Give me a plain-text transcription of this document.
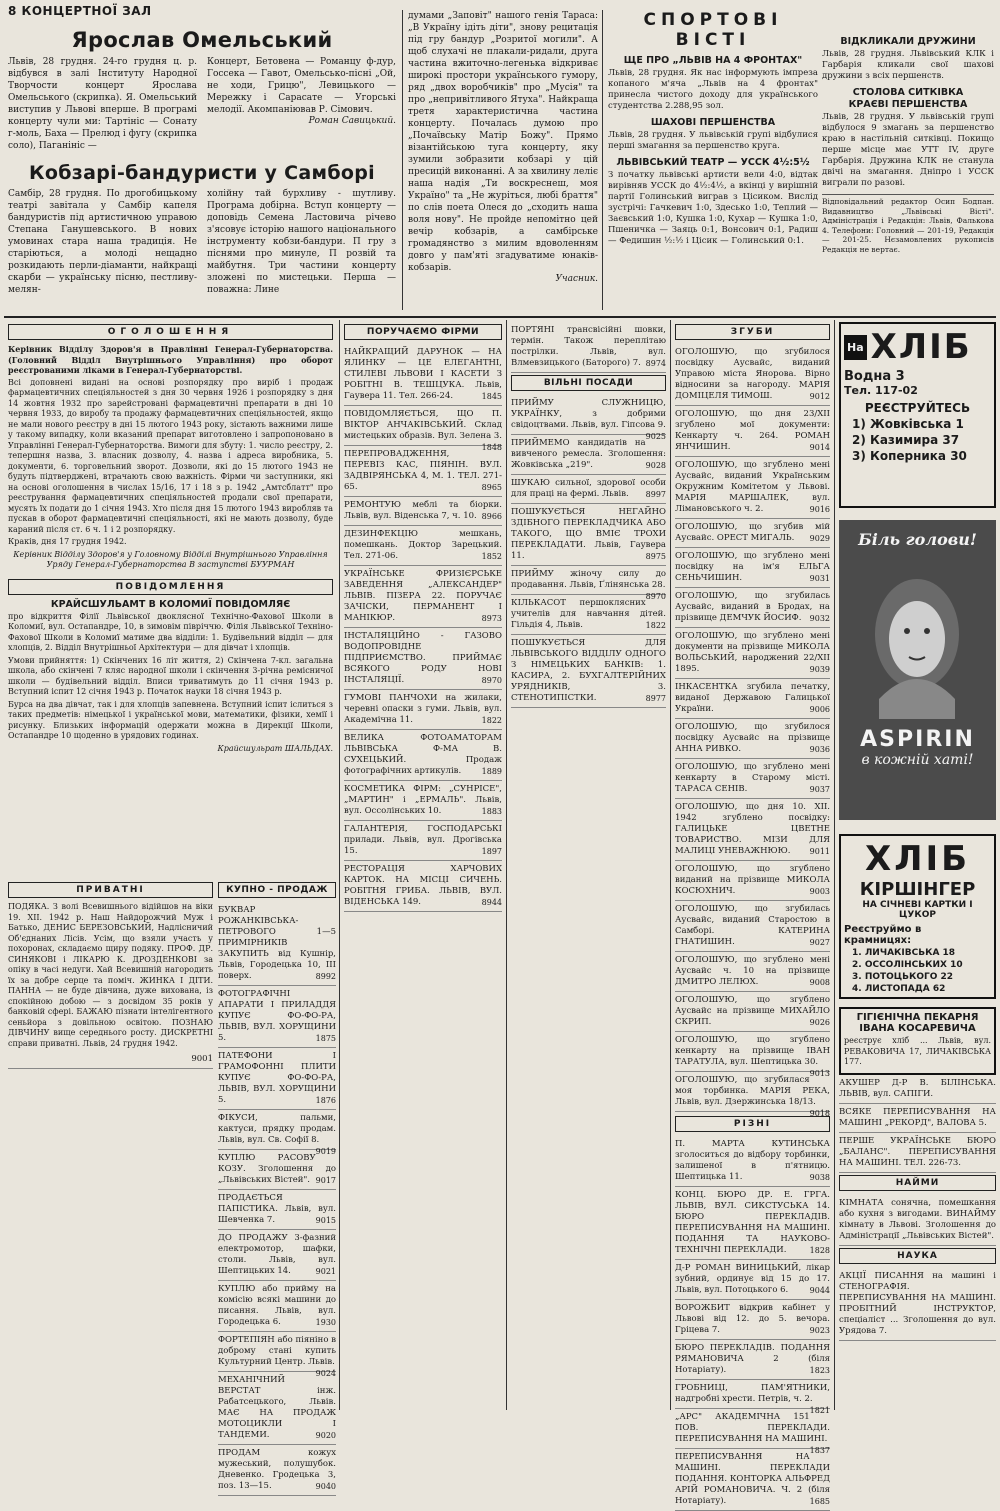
8 КОНЦЕРТНОЇ ЗАЛ
Ярослав Омельський

Львів, 28 грудня. 24-го грудня ц. р. відбувся в залі Інституту Народної Творчости концерт Ярослава Омельського (скрипка). Я. Омельський виступив у Львові вперше. В програмі концерту чули ми: Тартініс — Сонату г-моль, Баха — Прелюд і фугу (скрипка соло), Паганініс —

Концерт, Бетовена — Романцу ф-дур, Госсека — Гавот, Омельсько-пісні „Ой, не ходи, Грицю", Левицького — Мережку і Сарасате — Угорські мелодії. Акомпаніював Р. Сімович.

Роман Савицький.
Кобзарі-бандуристи у Самборі

Самбір, 28 грудня. По дрогобицькому театрі завітала у Самбір капеля бандуристів під артистичною управою Степана Ганушевського. В нових умовинах стара наша традиція. Не старіються, а молоді нещадно розкидають перли-діаманти, найкращі скарби — українську пісню, пестливу-мелян-

холійну тай бурхливу - шутливу. Програма добірна. Вступ концерту — доповідь Семена Ластовича річево з'ясовує історію нашого національного інструменту кобзи-бандури. П гру з піснями про минуле, П розвій та майбутня. Три частини концерту зложені по мистецьки. Перша — поважна: Лине

думами „Заповіт" нашого генія Тараса: „В Україну ідіть діти", знову рецитація під гру бандур „Розритої могили". А щоб слухачі не плакали-ридали, друга частина вжиточно-легенька відкриває широкі простори українського гумору, ряд „двох воробчиків" про „Мусія" та про „непривітливого Ятуха". Найкраща третя характеристична частина концерту. Почалась думою про „Почаївську Матір Божу". Прямо візантійською туга концерту, яку зумили зобразити кобзарі у цій пресицій виконанні. А за хвилину леліє наша надія „Ти воскреснеш, моя Україно" та „Не журіться, любі браття" по слів поета Олеся до „сходить наша воля нову". Не пройде непомітно цей вечір кобзарів, а самбірське громадянство з милим вдоволенням довго у пам'яті згадуватиме юнаків-кобзарів.

Учасник.
СПОРТОВІ ВІСТІ
ЩЕ ПРО „ЛЬВІВ НА 4 ФРОНТАХ"

Львів, 28 грудня. Як нас інформують імпреза копаного м'яча „Львів на 4 фронтах" принесла чистого доходу для українського студентства 2.288,95 зол.

ШАХОВІ ПЕРШЕНСТВА

Львів, 28 грудня. У львівській групі відбулися перші змагання за першенство круга.

ЛЬВІВСЬКИЙ ТЕАТР — УССК 4½:5½

З початку львівські артисти вели 4:0, відтак вирівняв УССК до 4½:4½, а вкінці у вирішній партії Голинський виграв з Цісиком. Вислід зустрічі: Гачкевич 1:0, Здесько 1:0, Теплий — Заєвський 1:0, Кушка 1:0, Кухар — Кушка 1:0, Пшеничка — Заяць 0:1, Вонсович 0:1, Радиш — Федишин ½:½ і Цісик — Голинський 0:1.

ВІДКЛИКАЛИ ДРУЖИНИ

Львів, 28 грудня. Львівський КЛК і Гарбарія кликали свої шахові дружини з всіх першенств.

СТОЛОВА СИТКІВКА
КРАЄВІ ПЕРШЕНСТВА

Львів, 28 грудня. У львівській групі відбулося 9 змагань за першенство краю в настільній ситківці. Покищо перше місце має УТТ IV, друге Гарбарія. Дружина КЛК не станула двічі на змагання. Дніпро і УССК виграли по разові.

Відповідальний редактор Осип Бодпан. Видавництво „Львівські Вісті". Адміністрація і Редакція: Львів, Фалькова 4. Телефони: Головний — 201-19, Редакція — 201-25. Нєзамовлених рукописів Редакція не вертає.

ОГОЛОШЕННЯ

Керівник Відділу Здоров'я в Правлінні Генерал-Губернаторства. (Головний Відділ Внутрішнього Управління) про оборот реєстрованими ліками в Генерал-Губернаторстві.

Всі доповнені видані на основі розпорядку про виріб і продаж фармацевтичних спеціяльностей з дня 30 червня 1926 і розпорядку з дня 14 жовтня 1932 про зарейстровані фармацевтичні препарати в дні 10 червня 1933, до виробу та продажу фармацевтичних спеціяльностей, якщо не мали нового реєстру в дні 15 лютого 1943 року, зістають важними лише у такому випадку, коли вказаний препарат виготовлено і запропоновано в Управлінні Генерал-Губернаторства. Вимоги для збуту: 1. число реєстру, 2. тепершня назва, 3. власник дозволу, 4. назва і адреса виробника, 5. документи, 6. торговельний зворот. Дозволи, які до 15 лютого 1943 не будуть підтверджені, втрачають свою важність. Фірми чи заступники, які на основі оголошення в числах 15/16, 17 і 18 з р. 1942 „Амтсблатт" про реєстрування фармацевтичних спеціяльностей продали свої препарати, мусять їх подати до 1 січня 1943. Хто після дня 15 лютого 1943 виробляв та пускав в оборот фармацевтичні спеціяльності, які не мають дозволу, буде караний після ст. 6 ч. 1 і 2 розпорядку.

Краків, дня 17 грудня 1942.

Керівник Відділу Здоров'я у Головному Відділі Внутрішнього Управління Уряду Генерал-Губернаторства В заступстві БУУРМАН

ПОВІДОМЛЕННЯ
КРАЙСШУЛЬАМТ В КОЛОМИЇ ПОВІДОМЛЯЄ

про відкриття Філії Львівської двоклясної Технічно-Фахової Школи в Коломиї, вул. Остапандре, 10, в зимовім півріччю. Філія Львівської Техніно-Фахової Школи в Коломиї матиме два відділи: 1. Будівельний відділ — для хлопців, 2. Відділ Внутрішньої Архітектури — для дівчат і хлопців.

Умови прийняття: 1) Скінчених 16 літ життя, 2) Скінчена 7-кл. загальна школа, або скінчені 7 кляс народної школи і скінчення 3-річна ремісничої школи — будівельний відділ. Вписи триватимуть до 11 січня 1943 р. Вступний іспит 12 січня 1943 р. Початок науки 18 січня 1943 р.

Бурса на два дівчат, так і для хлопців запевнена. Вступний іспит іслиться з таких предметів: німецької і української мови, математики, фізики, хемії і рисунку. Близьких інформацій одержати можна в Дирекції Школи, Остапандре 10 щоденно в урядових годинах.

Крайсшульрат ШАЛЬДАХ.

ПРИВАТНІ

ПОДЯКА. З волі Всевишнього відійшов на віки 19. XII. 1942 р. Наш Найдорожчий Муж і Батько, ДЕНИС БЕРЕЗОВСЬКИЙ, Надлісничий Об'єднаних Лісів. Усім, що взяли участь у похоронах, складаємо щиру подяку. ПРОФ. ДР. СИНЯКОВІ і ЛІКАРЮ К. ДРОЗДЕНКОВІ за опіку в часі недуги. Хай Всевишній нагородить їх за добре серце та поміч. ЖИНКА І ДІТИ. ПАННА — не буде дівчина, дуже вихована, із спокійною добою — з досвідом 35 років у банковій сфері. БАЖАЮ пізнати інтелігентного сеньйора з довільною освітою. ПОЗНАЮ ДІВЧИНУ вище середнього росту. ДИСКРЕТНІ справи приватні. Львів, 24 грудня 1942.

9001
КУПНО - ПРОДАЖ
БУКВАР РОЖАНКІВСЬКА-ПЕТРОВОГО 1—5 ПРИМІРНИКІВ ЗАКУПИТЬ від Кушнір, Львів, Городецька 10, ІІІ поверх.	8992
ФОТОГРАФІЧНІ АПАРАТИ І ПРИЛАДДЯ КУПУЄ ФО-ФО-РА, ЛЬВІВ, ВУЛ. ХОРУЩИНИ 5.	1875
ПАТЕФОНИ І ГРАМОФОННІ ПЛИТИ КУПУЄ ФО-ФО-РА, ЛЬВІВ, ВУЛ. ХОРУЩИНИ 5.	1876
ФІКУСИ, пальми, кактуси, прядку продам. Львів, вул. Св. Софії 8.
9019
КУПЛЮ РАСОВУ КОЗУ. Зголошення до „Львівських Вістей". 9017
ПРОДАЄТЬСЯ ПАПІСТИКА. Львів, вул. Шевченка 7.	9015
ДО ПРОДАЖУ 3-фазний електромотор, шафки, столи. Львів, вул. Шептицьких 14.	9021
КУПЛЮ або прийму на комісію всякі машини до писання. Львів, вул. Городецька 6.	1930
ФОРТЕПІЯН або піяніно в доброму стані купить Культурний Центр. Львів.
9024
МЕХАНІЧНИЙ ВЕРСТАТ інж. Рабатсецького, Львів. МАЄ НА ПРОДАЖ МОТОЦИКЛИ І ТАНДЕМИ.	9020
ПРОДАМ кожух мужеський, полушубок. Дневенко. Гродецька 3, поз. 13—15.	9040
ПОРУЧАЄМО ФІРМИ
НАЙКРАЩИЙ ДАРУНОК — НА ЯЛИНКУ — ЦЕ ЕЛЕГАНТНІ, СТИЛЕВІ ЛЬВОВИ І КАСЕТИ З РОБІТНІ В. ТЕШЦУКА. Львів, Гаувера 11. Тел. 266-24.	1845
ПОВІДОМЛЯЄТЬСЯ, ЩО П. ВІКТОР АНЧАКІВСЬКИЙ. Склад мистецьких образів. Вул. Зелена 3.
1848
ПЕРЕПРОВАДЖЕННЯ, ПЕРЕВІЗ КАС, ПІЯНІН. ВУЛ. ЗАДВІРЯНСЬКА 4, М. 1. ТЕЛ. 271-65.	8965
РЕМОНТУЮ меблі та біорки. Львів, вул. Віденська 7, ч. 10. 8966
ДЕЗИНФЕКЦІЮ мешкань, помешкань. Доктор Зарецький. Тел. 271-06.	1852
УКРАЇНСЬКЕ ФРИЗІЄРСЬКЕ ЗАВЕДЕННЯ „АЛЕКСАНДЕР" ЛЬВІВ. ПІЗЕРА 22. ПОРУЧАЄ ЗАЧІСКИ, ПЕРМАНЕНТ І МАНІКЮР.	8973
ІНСТАЛЯЦІЙНО - ГАЗОВО ВОДОПРОВІДНЕ ПІДПРИЄМСТВО. ПРИЙМАЄ ВСЯКОГО РОДУ НОВІ ІНСТАЛЯЦІЇ.	8970
ГУМОВІ ПАНЧОХИ на жилаки, черевні опаски з гуми. Львів, вул. Академічна 11.	1822
ВЕЛИКА ФОТОАМАТОРАМ ЛЬВІВСЬКА Ф-МА В. СУХЕЦЬКИЙ. Продаж фотографічних артикулів.	1889
КОСМЕТИКА ФІРМ: „СУНРІСЕ", „МАРТИН" і „ЕРМАЛЬ". Львів, вул. Оссолінських 10.	1883
ГАЛАНТЕРІЯ, ГОСПОДАРСЬКІ прилади. Львів, вул. Дрогівська 15.	1897
РЕСТОРАЦІЯ ХАРЧОВИХ КАРТОК. НА МІСЦІ СИЧЕНЬ. РОБІТНЯ ГРИБА. ЛЬВІВ, ВУЛ. ВІДЕНСЬКА 149.	8944
ПОРТЯНІ трансвісійні шовки, термін. Також переплітаю пострілки. Львів, вул. Влмевзицького (Баторого) 7. 8974
ВІЛЬНІ ПОСАДИ
ПРИЙМУ СЛУЖНИЦЮ, УКРАЇНКУ, з добрими свідоцтвами. Львів, вул. Гіпсова 9.
9025
ПРИЙМЕМО кандидатів на вивченого ремесла. Зголошення: Жовківська „219".	9028
ШУКАЮ сильної, здорової особи для праці на фермі. Львів. 8997
ПОШУКУЄТЬСЯ НЕГАЙНО ЗДІБНОГО ПЕРЕКЛАДЧИКА АБО ТАКОГО, ЩО ВМІЄ ТРОХИ ПЕРЕКЛАДАТИ. Львів, Гаувера 11.	8975
ПРИЙМУ жіночу силу до продавання. Львів, Ґлінянська 28.
8970
КІЛЬКАСОТ першоклясних учителів для навчання дітей. Гільдія 4, Львів.	1822
ПОШУКУЄТЬСЯ ДЛЯ ЛЬВІВСЬКОГО ВІДДІЛУ ОДНОГО З НІМЕЦЬКИХ БАНКІВ: 1. КАСИРА, 2. БУХГАЛТЕРІЙНИХ УРЯДНИКІВ, 3. СТЕНОТИПІСТКИ.	8977
ЗГУБИ
ОГОЛОШУЮ, що згубилося посвідку Аусвайс, виданий Управою міста Янорова. Вірно відносини за нагороду. МАРІЯ ДОМІЦЕЛЯ ТИМОШ.	9012
ОГОЛОШУЮ, що дня 23/XII згублено мої документи: Кенкарту ч. 264. РОМАН ЯНЧИШИН.	9014
ОГОЛОШУЮ, що згублено мені Аусвайс, виданий Українським Окружним Комітетом у Львові. МАРІЯ МАРШАЛЕК, вул. Лімановського ч. 2.	9016
ОГОЛОШУЮ, що згубив мій Аусвайс. ОРЕСТ МИГАЛЬ. 9029
ОГОЛОШУЮ, що згублено мені посвідку на ім'я ЕЛЬГА СЕНЬЧИШИН.	9031
ОГОЛОШУЮ, що згубилась Аусвайс, виданий в Бродах, на прізвище ДЕМЧУК ЙОСИФ. 9032
ОГОЛОШУЮ, що згублено мені документи на прізвище МИКОЛА ВОЛЬСЬКИЙ, народжений 22/XII 1895.	9039
ІНКАСЕНТКА згубила печатку, виданої Державою Галицької України.	9006
ОГОЛОШУЮ, що згубилося посвідку Аусвайс на прізвище АННА РИВКО.	9036
ОГОЛОШУЮ, що згублено мені кенкарту в Старому місті. ТАРАСА СЕНІВ.	9037
ОГОЛОШУЮ, що дня 10. XII. 1942 згублено посвідку: ГАЛИЦЬКЕ ЦВЕТНЕ ТОВАРИСТВО. МІЗИ ДЛЯ МАЛИЦІ УНЕВАЖНЮЮ. 9011
ОГОЛОШУЮ, що згублено виданий на прізвище МИКОЛА КОСЮХНИЧ.	9003
ОГОЛОШУЮ, що згубилась Аусвайс, виданий Старостою в Самборі. КАТЕРИНА ГНАТИШИН.	9027
ОГОЛОШУЮ, що згублено мені Аусвайс ч. 10 на прізвище ДМИТРО ЛЕЛЮХ.	9008
ОГОЛОШУЮ, що згублено Аусвайс на прізвище МИХАЙЛО СКРИП.	9026
ОГОЛОШУЮ, що згублено кенкарту на прізвище ІВАН ТАРАТУЛА, вул. Шептицька 30.
9013
ОГОЛОШУЮ, що згубилася моя торбинка. МАРІЯ РЕКА, Львів, вул. Дзержинська 18/13.
9018
РІЗНІ
П. МАРТА КУТИНСЬКА зголоситься до відбору торбинки, залишеної в п'ятницю. Шептицька 11.	9038
КОНЦ. БЮРО ДР. Е. ГРГА. ЛЬВІВ, ВУЛ. СИКСТУСЬКА 14. БЮРО ПЕРЕКЛАДІВ. ПЕРЕПИСУВАННЯ НА МАШИНІ. ПОДАННЯ ТА НАУКОВО-ТЕХНІЧНІ ПЕРЕКЛАДИ.	1828
Д-Р РОМАН ВИНИЦЬКИЙ, лікар зубний, ординує від 15 до 17. Львів, вул. Потоцького 6.	9044
ВОРОЖБИТ відкрив кабінет у Львові від 12. до 5. вечора. Гріцева 7.	9023
БЮРО ПЕРЕКЛАДІВ. ПОДАННЯ РЯМАНОВИЧА 2 (біля Нотаріату).	1823
ГРОБНИЦІ, ПАМ'ЯТНИКИ, надгробні хрести. Петрів, ч. 2.
1821
„АРС" АКАДЕМІЧНА 151 ПОВ. ПЕРЕКЛАДИ. ПЕРЕПИСУВАННЯ НА МАШИНІ.
1837
ПЕРЕПИСУВАННЯ НА МАШИНІ. ПЕРЕКЛАДИ ПОДАННЯ. КОНТОРКА АЛЬФРЕД АРІЙ РОМАНОВИЧА. Ч. 2 (біля Нотаріату).	1685
На ХЛІБ
Водна 3
Тел. 117-02
РЕЄСТРУЙТЕСЬ
1) Жовківська 1
2) Казимира 37
3) Коперника 30
Біль голови!
ASPIRIN
в кожній хаті!
ХЛІБ
КІРШІНГЕР
НА СІЧНЕВІ КАРТКИ І ЦУКОР
Реєструймо в крамницях:
1. ЛИЧАКІВСЬКА 18
2. ОССОЛІНСЬКИХ 10
3. ПОТОЦЬКОГО 22
4. ЛИСТОПАДА 62
ГІГІЄНІЧНА ПЕКАРНЯ ІВАНА КОСАРЕВИЧА
реєструє хліб ... Львів, вул. РЕВАКОВИЧА 17, ЛИЧАКІВСЬКА 177.
АКУШЕР Д-Р В. БІЛІНСЬКА. ЛЬВІВ, вул. САПІГИ.
ВСЯКЕ ПЕРЕПИСУВАННЯ НА МАШИНІ „РЕКОРД", ВАЛОВА 5.
ПЕРШЕ УКРАЇНСЬКЕ БЮРО „БАЛАНС". ПЕРЕПИСУВАННЯ НА МАШИНІ. ТЕЛ. 226-73.
НАЙМИ
КІМНАТА сонячна, помешкання або кухня з вигодами. ВИНАЙМУ кімнату в Львові. Зголошення до Адміністрації „Львівських Вістей".
НАУКА
АКЦІЇ ПИСАННЯ на машині і СТЕНОГРАФІЯ. ПЕРЕПИСУВАННЯ НА МАШИНІ. ПРОБІТНИЙ ІНСТРУКТОР, спеціаліст ... Зголошення до вул. Урядова 7.
